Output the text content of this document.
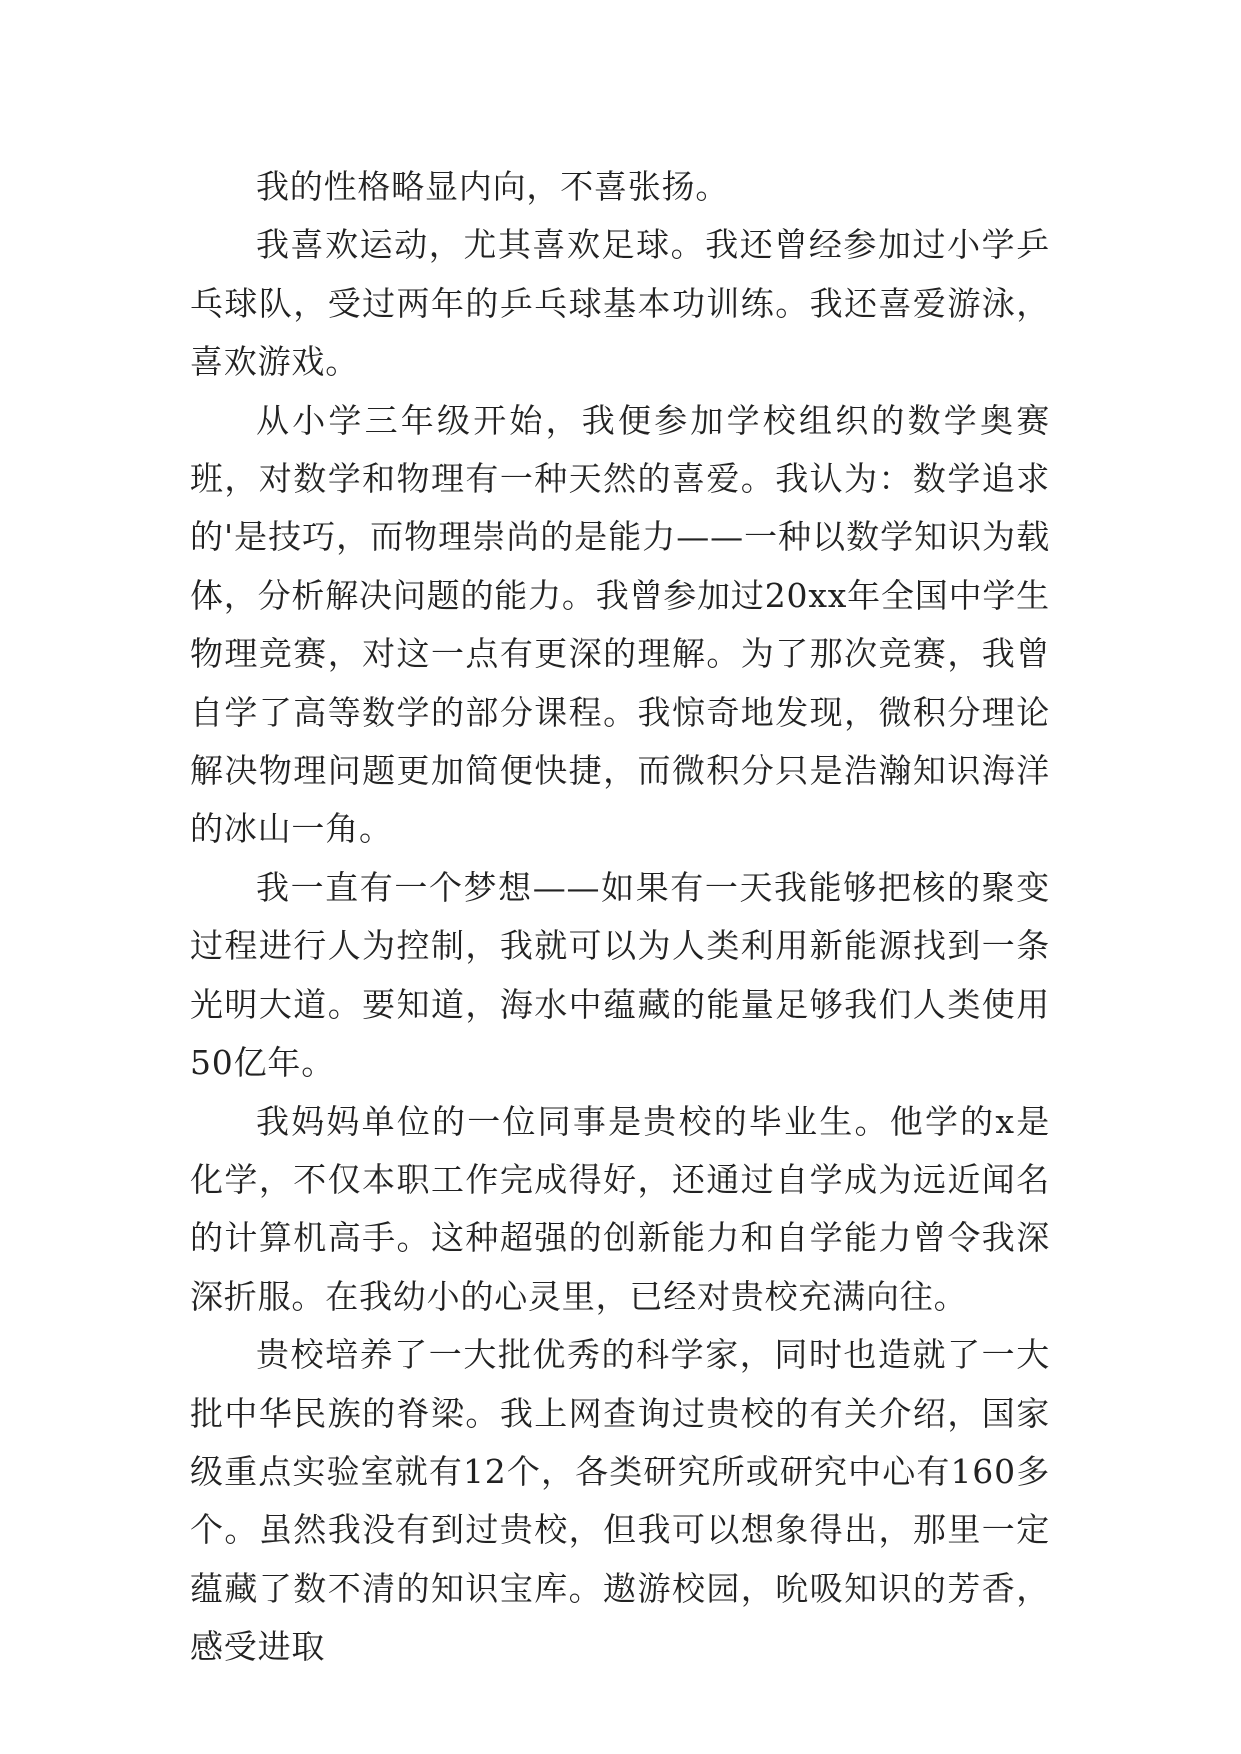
我的性格略显内向，不喜张扬。

我喜欢运动，尤其喜欢足球。我还曾经参加过小学乒乓球队，受过两年的乒乓球基本功训练。我还喜爱游泳，喜欢游戏。

从小学三年级开始，我便参加学校组织的数学奥赛班，对数学和物理有一种天然的喜爱。我认为：数学追求的'是技巧，而物理崇尚的是能力——一种以数学知识为载体，分析解决问题的能力。我曾参加过20xx年全国中学生物理竞赛，对这一点有更深的理解。为了那次竞赛，我曾自学了高等数学的部分课程。我惊奇地发现，微积分理论解决物理问题更加简便快捷，而微积分只是浩瀚知识海洋的冰山一角。

我一直有一个梦想——如果有一天我能够把核的聚变过程进行人为控制，我就可以为人类利用新能源找到一条光明大道。要知道，海水中蕴藏的能量足够我们人类使用50亿年。

我妈妈单位的一位同事是贵校的毕业生。他学的x是化学，不仅本职工作完成得好，还通过自学成为远近闻名的计算机高手。这种超强的创新能力和自学能力曾令我深深折服。在我幼小的心灵里，已经对贵校充满向往。

贵校培养了一大批优秀的科学家，同时也造就了一大批中华民族的脊梁。我上网查询过贵校的有关介绍，国家级重点实验室就有12个，各类研究所或研究中心有160多个。虽然我没有到过贵校，但我可以想象得出，那里一定蕴藏了数不清的知识宝库。遨游校园，吮吸知识的芳香，感受进取
